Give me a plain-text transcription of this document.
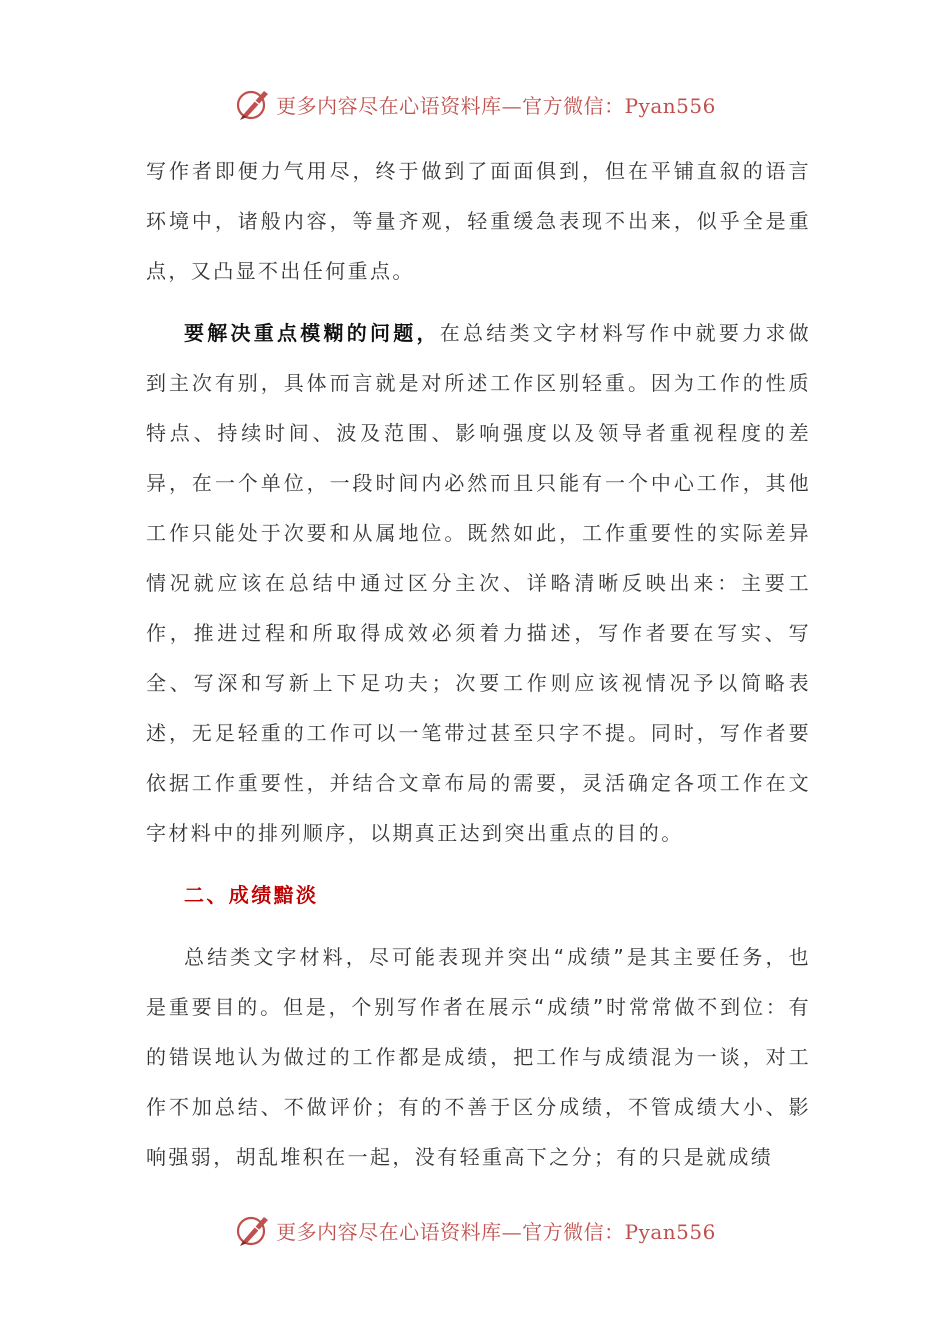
更多内容尽在心语资料库—官方微信：Pyan556

写作者即便力气用尽，终于做到了面面俱到，但在平铺直叙的语言环境中，诸般内容，等量齐观，轻重缓急表现不出来，似乎全是重点，又凸显不出任何重点。

要解决重点模糊的问题，在总结类文字材料写作中就要力求做到主次有别，具体而言就是对所述工作区别轻重。因为工作的性质特点、持续时间、波及范围、影响强度以及领导者重视程度的差异，在一个单位，一段时间内必然而且只能有一个中心工作，其他工作只能处于次要和从属地位。既然如此，工作重要性的实际差异情况就应该在总结中通过区分主次、详略清晰反映出来：主要工作，推进过程和所取得成效必须着力描述，写作者要在写实、写全、写深和写新上下足功夫；次要工作则应该视情况予以简略表述，无足轻重的工作可以一笔带过甚至只字不提。同时，写作者要依据工作重要性，并结合文章布局的需要，灵活确定各项工作在文字材料中的排列顺序，以期真正达到突出重点的目的。

二、成绩黯淡

总结类文字材料，尽可能表现并突出“成绩”是其主要任务，也是重要目的。但是，个别写作者在展示“成绩”时常常做不到位：有的错误地认为做过的工作都是成绩，把工作与成绩混为一谈，对工作不加总结、不做评价；有的不善于区分成绩，不管成绩大小、影响强弱，胡乱堆积在一起，没有轻重高下之分；有的只是就成绩

更多内容尽在心语资料库—官方微信：Pyan556
